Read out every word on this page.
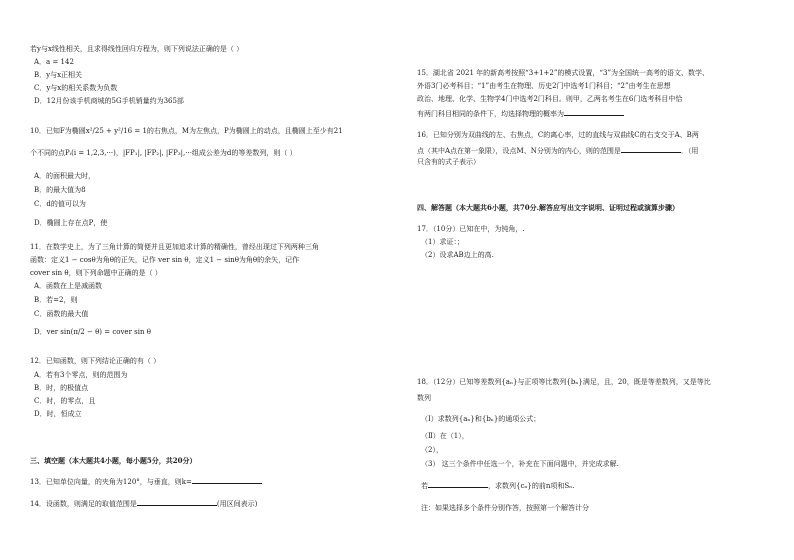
若y与x线性相关，且求得线性回归方程为，则下列说法正确的是（ ）
A．a = 142
B．y与x正相关
C．y与x的相关系数为负数
D．12月份该手机商城的5G手机销量约为365部
10．已知F为椭圆x²/25 + y²/16 = 1的右焦点，M为左焦点，P为椭圆上的动点，且椭圆上至少有21
个不同的点Pᵢ(i = 1,2,3,···)，|FP₁|, |FP₂|, |FP₃|,···组成公差为d的等差数列，则（ ）
A．的面积最大时，
B．的最大值为8
C．d的值可以为
D．椭圆上存在点P，使
11．在数学史上，为了三角计算的简便并且更加追求计算的精确性，曾经出现过下列两种三角
函数：定义1 − cosθ为角θ的正矢，记作 ver sin θ，定义1 − sinθ为角θ的余矢，记作
cover sin θ，则下列命题中正确的是（ ）
A．函数在上是减函数
B．若=2，则
C．函数的最大值
D．ver sin(π/2 − θ) = cover sin θ
12．已知函数，则下列结论正确的有（ ）
A．若有3个零点，则的范围为
B．时，的极值点
C．时，的零点，且
D．时，恒成立
三、填空题（本大题共4小题，每小题5分，共20分）
13．已知单位向量，的夹角为120°，与垂直，则k=
14．设函数，则满足的取值范围是	(用区间表示)
15．湖北省 2021 年的新高考按照“3+1+2”的模式设置，“3”为全国统一高考的语文、数学、
外语3门必考科目；“1”由考生在物理、历史2门中选考1门科目；“2”由考生在思想
政治、地理、化学、生物学4门中选考2门科目。则甲，乙两名考生在6门选考科目中恰
有两门科目相同的条件下，均选择物理的概率为
16．已知分别为双曲线的左、右焦点，C的离心率，过的直线与双曲线C的右支交于A、B两
点（其中A点在第一象限），设点M、N分别为的内心，则的范围是	．（用
只含有的式子表示）
四、解答题（本大题共6小题，共70分.解答应写出文字说明、证明过程或演算步骤）
17．（10分）已知在中，为钝角，.
（1）求证：；
（2）设求AB边上的高.
18．（12分）已知等差数列{aₙ}与正项等比数列{bₙ}满足，且，20，既是等差数列，又是等比
数列
（Ⅰ）求数列{aₙ}和{bₙ}的通项公式；
（Ⅱ）在（1），
（2），
（3） 这三个条件中任选一个，补充在下面问题中，并完成求解.
若	，求数列{cₙ}的前n项和Sₙ.
注：如果选择多个条件分别作答，按照第一个解答计分
